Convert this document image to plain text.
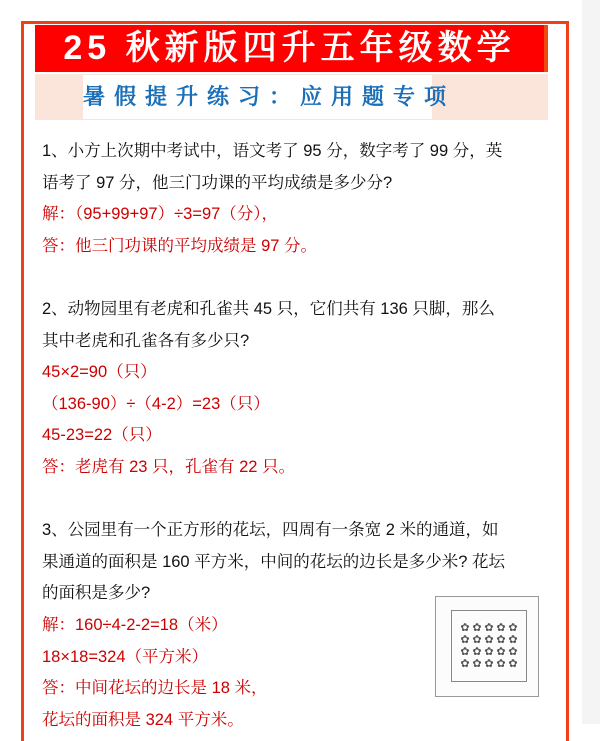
25 秋新版四升五年级数学
暑假提升练习：应用题专项
1、小方上次期中考试中，语文考了 95 分，数字考了 99 分，英
语考了 97 分，他三门功课的平均成绩是多少分?
解：（95+99+97）÷3=97（分），
答：他三门功课的平均成绩是 97 分。
2、动物园里有老虎和孔雀共 45 只，它们共有 136 只脚，那么
其中老虎和孔雀各有多少只?
45×2=90（只）
（136-90）÷（4-2）=23（只）
45-23=22（只）
答：老虎有 23 只，孔雀有 22 只。
3、公园里有一个正方形的花坛，四周有一条宽 2 米的通道，如
果通道的面积是 160 平方米，中间的花坛的边长是多少米? 花坛
的面积是多少?
解：160÷4-2-2=18（米）
18×18=324（平方米）
答：中间花坛的边长是 18 米，
花坛的面积是 324 平方米。
✿ ✿ ✿ ✿ ✿
✿ ✿ ✿ ✿ ✿
✿ ✿ ✿ ✿ ✿
✿ ✿ ✿ ✿ ✿
